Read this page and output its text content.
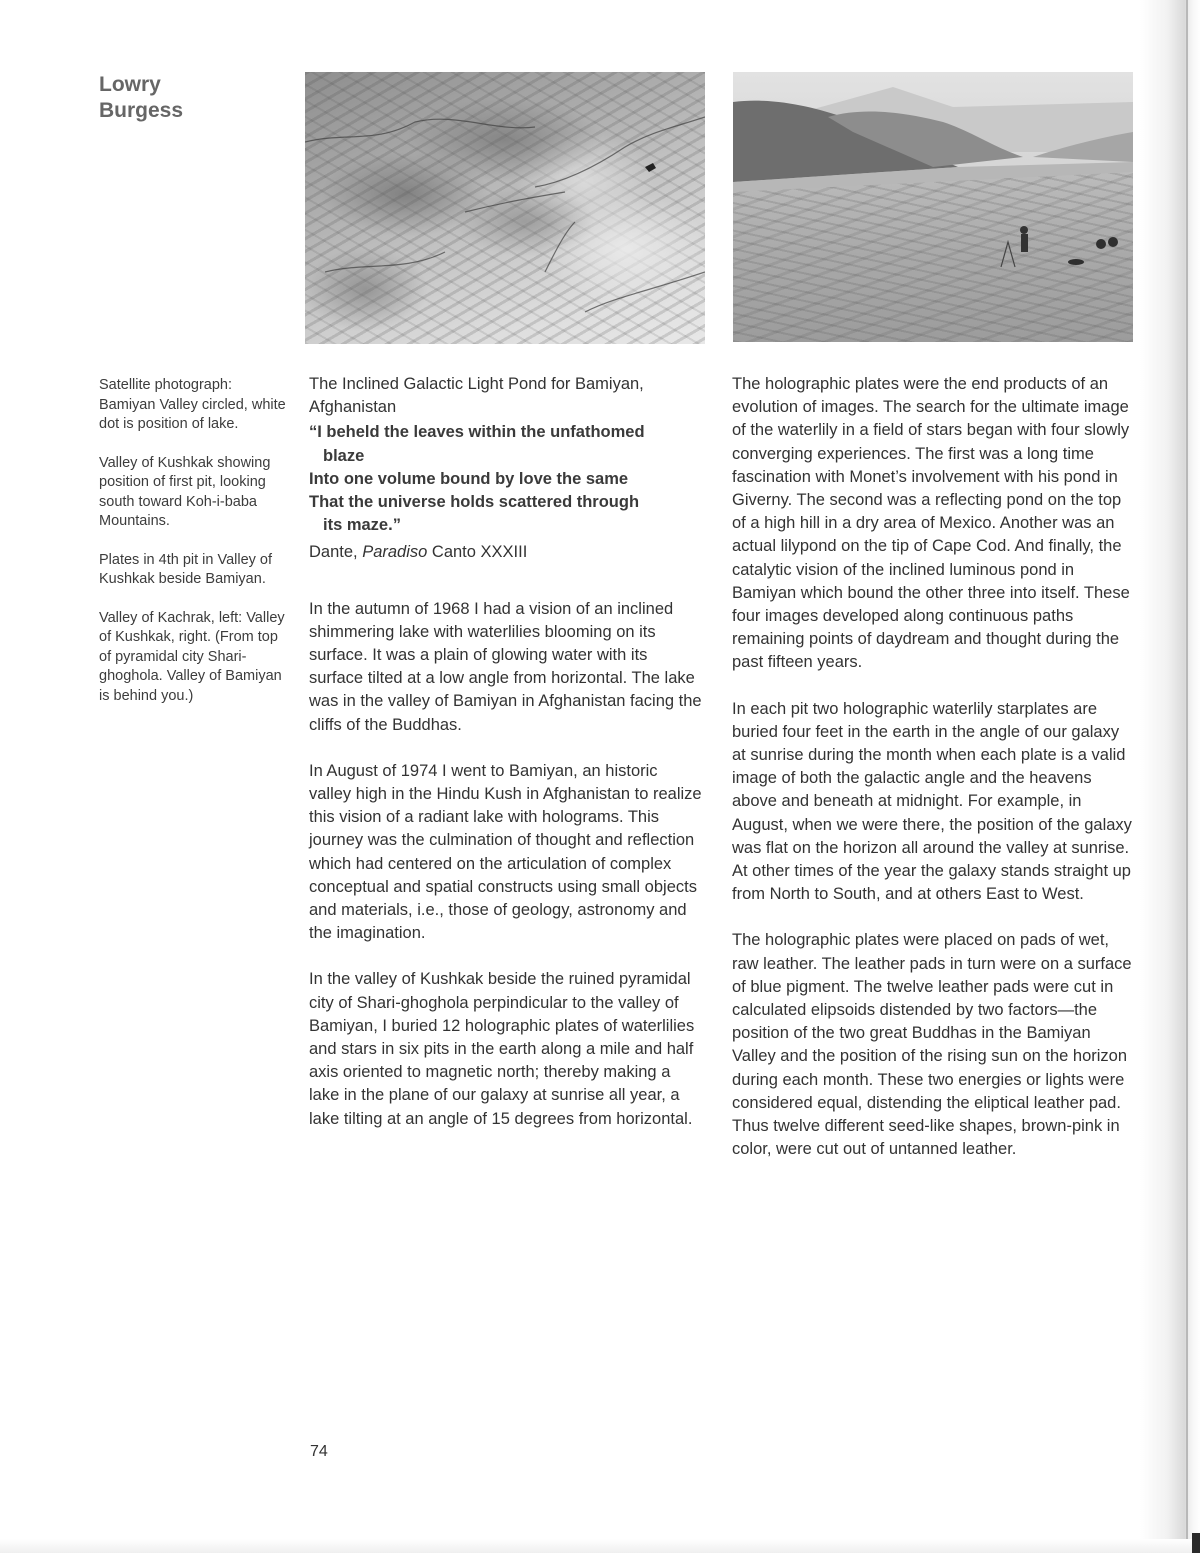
Lowry
Burgess

Satellite photograph: Bamiyan Valley circled, white dot is position of lake.

Valley of Kushkak showing position of first pit, looking south toward Koh-i-baba Mountains.

Plates in 4th pit in Valley of Kushkak beside Bamiyan.

Valley of Kachrak, left: Valley of Kushkak, right. (From top of pyramidal city Shari-ghoghola. Valley of Bamiyan is behind you.)

The Inclined Galactic Light Pond for Bamiyan, Afghanistan
“I beheld the leaves within the unfathomed
blaze
Into one volume bound by love the same
That the universe holds scattered through
its maze.”

Dante, Paradiso Canto XXXIII

In the autumn of 1968 I had a vision of an inclined shimmering lake with waterlilies blooming on its surface. It was a plain of glowing water with its surface tilted at a low angle from horizontal. The lake was in the valley of Bamiyan in Afghanistan facing the cliffs of the Buddhas.

In August of 1974 I went to Bamiyan, an historic valley high in the Hindu Kush in Afghanistan to realize this vision of a radiant lake with holograms. This journey was the culmination of thought and reflection which had centered on the articulation of complex conceptual and spatial constructs using small objects and materials, i.e., those of geology, astronomy and the imagination.

In the valley of Kushkak beside the ruined pyramidal city of Shari-ghoghola perpindicular to the valley of Bamiyan, I buried 12 holographic plates of waterlilies and stars in six pits in the earth along a mile and half axis oriented to magnetic north; thereby making a lake in the plane of our galaxy at sunrise all year, a lake tilting at an angle of 15 degrees from horizontal.

The holographic plates were the end products of an evolution of images. The search for the ultimate image of the waterlily in a field of stars began with four slowly converging experiences. The first was a long time fascination with Monet’s involvement with his pond in Giverny. The second was a reflecting pond on the top of a high hill in a dry area of Mexico. Another was an actual lilypond on the tip of Cape Cod. And finally, the catalytic vision of the inclined luminous pond in Bamiyan which bound the other three into itself. These four images developed along continuous paths remaining points of daydream and thought during the past fifteen years.

In each pit two holographic waterlily starplates are buried four feet in the earth in the angle of our galaxy at sunrise during the month when each plate is a valid image of both the galactic angle and the heavens above and beneath at midnight. For example, in August, when we were there, the position of the galaxy was flat on the horizon all around the valley at sunrise. At other times of the year the galaxy stands straight up from North to South, and at others East to West.

The holographic plates were placed on pads of wet, raw leather. The leather pads in turn were on a surface of blue pigment. The twelve leather pads were cut in calculated elipsoids distended by two factors—the position of the two great Buddhas in the Bamiyan Valley and the position of the rising sun on the horizon during each month. These two energies or lights were considered equal, distending the eliptical leather pad. Thus twelve different seed-like shapes, brown-pink in color, were cut out of untanned leather.

74
